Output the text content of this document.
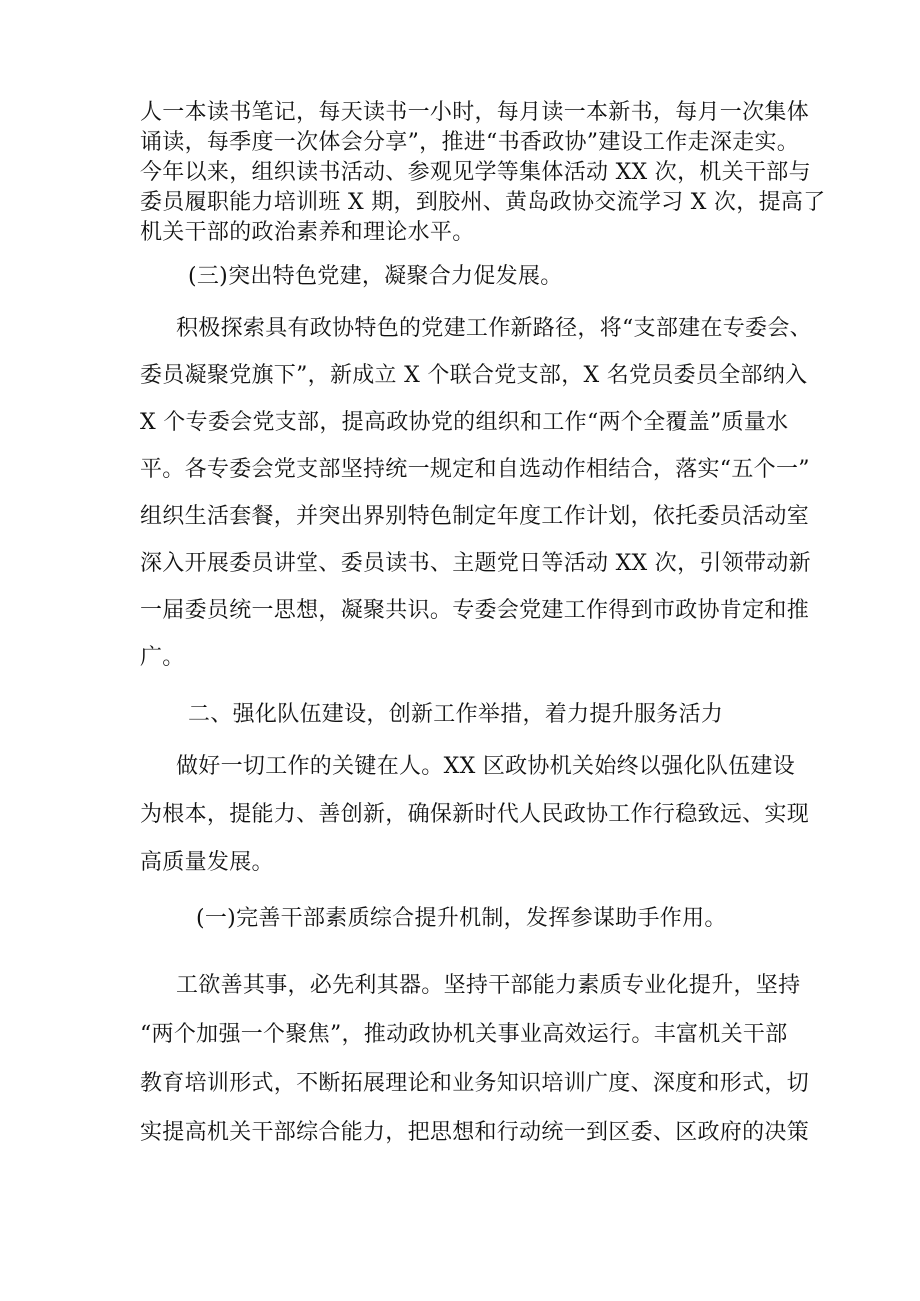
人一本读书笔记，每天读书一小时，每月读一本新书，每月一次集体
诵读，每季度一次体会分享”，推进“书香政协”建设工作走深走实。
今年以来，组织读书活动、参观见学等集体活动 XX 次，机关干部与
委员履职能力培训班 X 期，到胶州、黄岛政协交流学习 X 次，提高了
机关干部的政治素养和理论水平。
(三)突出特色党建，凝聚合力促发展。
积极探索具有政协特色的党建工作新路径，将“支部建在专委会、
委员凝聚党旗下”，新成立 X 个联合党支部，X 名党员委员全部纳入
X 个专委会党支部，提高政协党的组织和工作“两个全覆盖”质量水
平。各专委会党支部坚持统一规定和自选动作相结合，落实“五个一”
组织生活套餐，并突出界别特色制定年度工作计划，依托委员活动室
深入开展委员讲堂、委员读书、主题党日等活动 XX 次，引领带动新
一届委员统一思想，凝聚共识。专委会党建工作得到市政协肯定和推
广。
二、强化队伍建设，创新工作举措，着力提升服务活力
做好一切工作的关键在人。XX 区政协机关始终以强化队伍建设
为根本，提能力、善创新，确保新时代人民政协工作行稳致远、实现
高质量发展。
(一)完善干部素质综合提升机制，发挥参谋助手作用。
工欲善其事，必先利其器。坚持干部能力素质专业化提升，坚持
“两个加强一个聚焦”，推动政协机关事业高效运行。丰富机关干部
教育培训形式，不断拓展理论和业务知识培训广度、深度和形式，切
实提高机关干部综合能力，把思想和行动统一到区委、区政府的决策
